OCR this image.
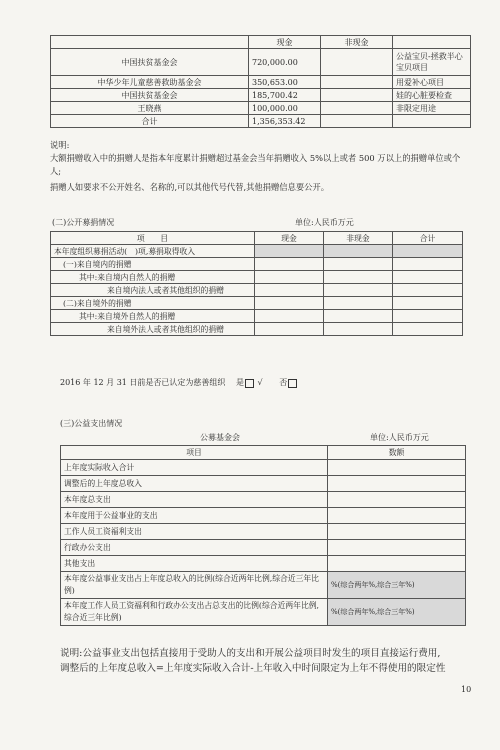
	现金	非现金	
中国扶贫基金会	720,000.00		公益宝贝-拯救半心宝贝项目
中华少年儿童慈善救助基金会	350,653.00		用爱补心项目
中国扶贫基金会	185,700.42		娃的心脏要检查
王晓燕	100,000.00		非限定用途
合计	1,356,353.42		
说明:
大额捐赠收入中的捐赠人是指本年度累计捐赠超过基金会当年捐赠收入 5%以上或者 500 万以上的捐赠单位或个人;
捐赠人如要求不公开姓名、名称的,可以其他代号代替,其他捐赠信息要公开。
(二)公开募捐情况	单位:人民币万元
项　　目	现金	非现金	合计
本年度组织募捐活动(　)项,募捐取得收入			
(一)来自境内的捐赠			
其中:来自境内自然人的捐赠			
来自境内法人或者其他组织的捐赠			
(二)来自境外的捐赠			
其中:来自境外自然人的捐赠			
来自境外法人或者其他组织的捐赠			
2016 年 12 月 31 日前是否已认定为慈善组织 是 √ 否
(三)公益支出情况
公募基金会	单位:人民币万元
项目	数额
上年度实际收入合计	
调整后的上年度总收入	
本年度总支出	
本年度用于公益事业的支出	
工作人员工资福利支出	
行政办公支出	
其他支出	
本年度公益事业支出占上年度总收入的比例(综合近两年比例,综合近三年比例)	%(综合两年%,综合三年%)
本年度工作人员工资福利和行政办公支出占总支出的比例(综合近两年比例,综合近三年比例)	%(综合两年%,综合三年%)
说明:公益事业支出包括直接用于受助人的支出和开展公益项目时发生的项目直接运行费用,
调整后的上年度总收入=上年度实际收入合计-上年收入中时间限定为上年不得使用的限定性
10
